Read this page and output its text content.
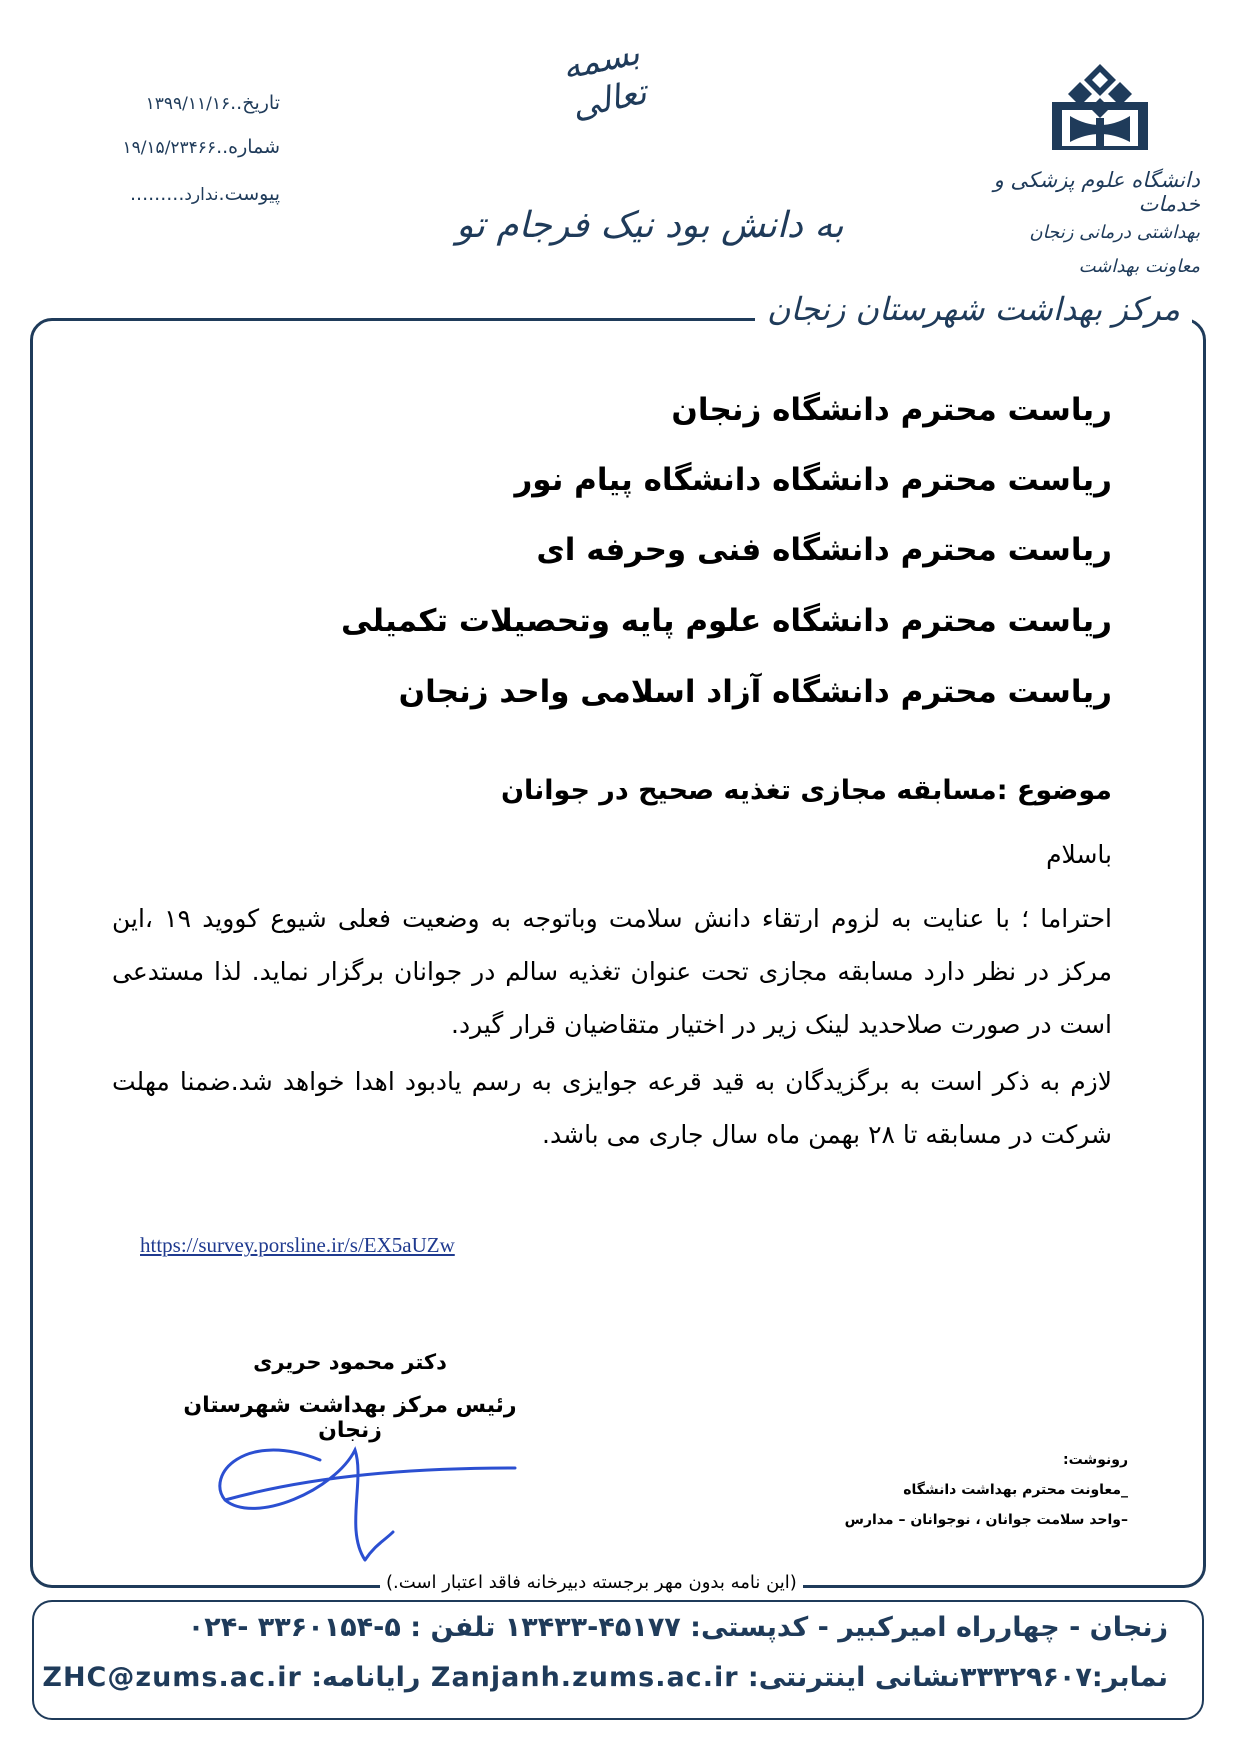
تاریخ..۱۳۹۹/۱۱/۱۶
شماره..۱۹/۱۵/۲۳۴۶۶
پیوست.ندارد.........
بسمه تعالی
به دانش بود نیک فرجام تو
دانشگاه علوم پزشکی و خدمات
بهداشتی درمانی زنجان
معاونت بهداشت
مرکز بهداشت شهرستان زنجان
ریاست محترم دانشگاه زنجان
ریاست محترم دانشگاه دانشگاه پیام نور
ریاست محترم دانشگاه فنی وحرفه ای
ریاست محترم دانشگاه علوم پایه وتحصیلات تکمیلی
ریاست محترم دانشگاه آزاد اسلامی واحد زنجان
موضوع :مسابقه مجازی تغذیه صحیح در جوانان
باسلام
احتراما ؛ با عنایت به لزوم ارتقاء دانش سلامت وباتوجه به وضعیت فعلی شیوع کووید ۱۹ ،این مرکز در نظر دارد مسابقه مجازی تحت عنوان تغذیه سالم در جوانان برگزار نماید. لذا مستدعی است در صورت صلاحدید لینک زیر در اختیار متقاضیان قرار گیرد.
لازم به ذکر است به برگزیدگان به قید قرعه جوایزی به رسم یادبود اهدا خواهد شد.ضمنا مهلت شرکت در مسابقه تا ۲۸ بهمن ماه سال جاری می باشد.
https://survey.porsline.ir/s/EX5aUZw
دکتر محمود حریری
رئیس مرکز بهداشت شهرستان زنجان
رونوشت:
_معاونت محترم بهداشت دانشگاه
–واحد سلامت جوانان ، نوجوانان – مدارس
(این نامه بدون مهر برجسته دبیرخانه فاقد اعتبار است.)
زنجان - چهارراه امیرکبیر - کدپستی: ۴۵۱۷۷-۱۳۴۳۳ تلفن : ۵-۳۳۶۰۱۵۴ -۰۲۴
نمابر:۳۳۳۲۹۶۰۷نشانی اینترنتی: Zanjanh.zums.ac.ir رایانامه: ZHC@zums.ac.ir
